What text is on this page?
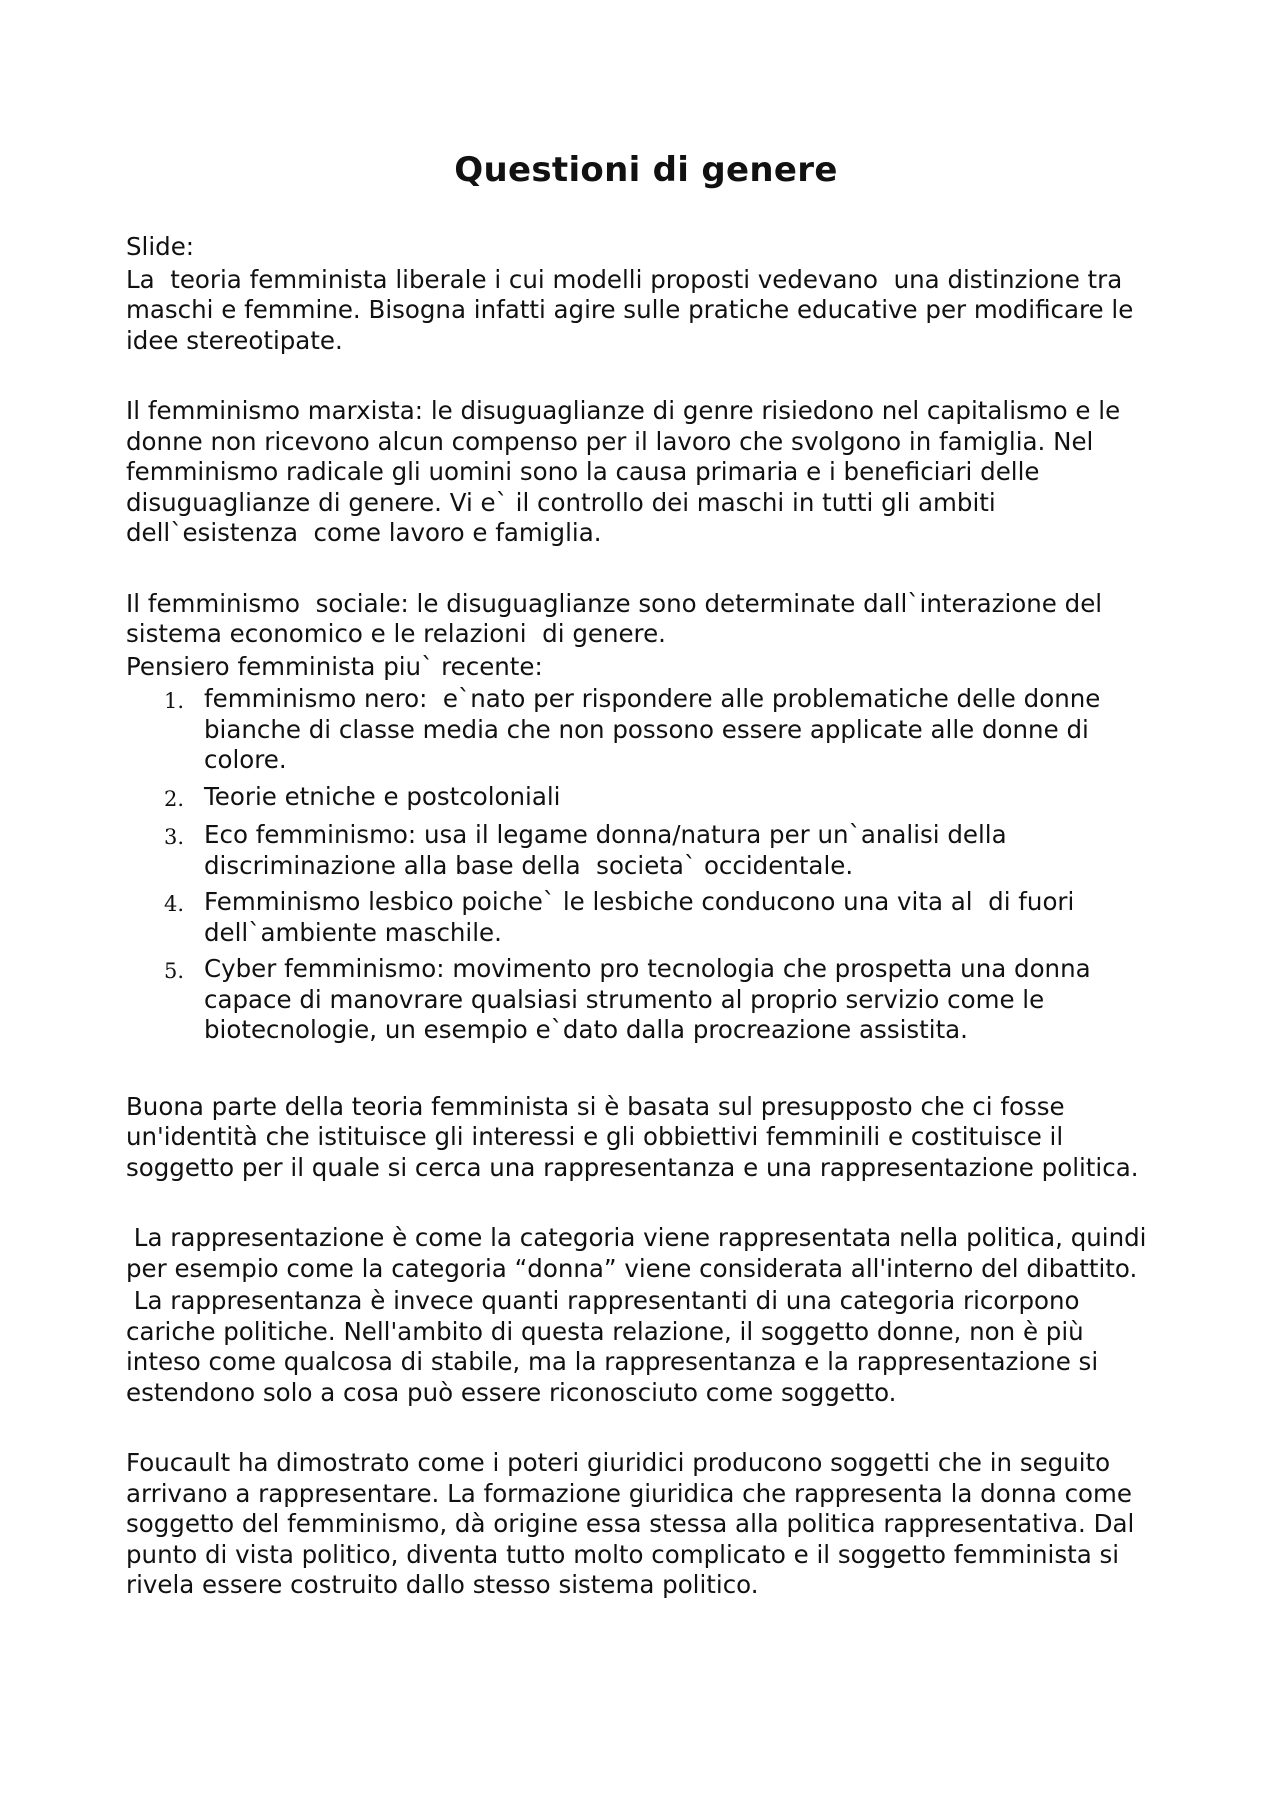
Questioni di genere

Slide:

La  teoria femminista liberale i cui modelli proposti vedevano  una distinzione tra maschi e femmine. Bisogna infatti agire sulle pratiche educative per modificare le idee stereotipate.

Il femminismo marxista: le disuguaglianze di genre risiedono nel capitalismo e le donne non ricevono alcun compenso per il lavoro che svolgono in famiglia. Nel femminismo radicale gli uomini sono la causa primaria e i beneficiari delle disuguaglianze di genere. Vi e` il controllo dei maschi in tutti gli ambiti dell`esistenza  come lavoro e famiglia.

Il femminismo  sociale: le disuguaglianze sono determinate dall`interazione del sistema economico e le relazioni  di genere.

Pensiero femminista piu` recente:

1. femminismo nero:  e`nato per rispondere alle problematiche delle donne bianche di classe media che non possono essere applicate alle donne di colore.
2. Teorie etniche e postcoloniali
3. Eco femminismo: usa il legame donna/natura per un`analisi della discriminazione alla base della  societa` occidentale.
4. Femminismo lesbico poiche` le lesbiche conducono una vita al  di fuori dell`ambiente maschile.
5. Cyber femminismo: movimento pro tecnologia che prospetta una donna capace di manovrare qualsiasi strumento al proprio servizio come le biotecnologie, un esempio e`dato dalla procreazione assistita.

Buona parte della teoria femminista si è basata sul presupposto che ci fosse un'identità che istituisce gli interessi e gli obbiettivi femminili e costituisce il soggetto per il quale si cerca una rappresentanza e una rappresentazione politica.

La rappresentazione è come la categoria viene rappresentata nella politica, quindi per esempio come la categoria “donna” viene considerata all'interno del dibattito.

La rappresentanza è invece quanti rappresentanti di una categoria ricorpono cariche politiche. Nell'ambito di questa relazione, il soggetto donne, non è più inteso come qualcosa di stabile, ma la rappresentanza e la rappresentazione si estendono solo a cosa può essere riconosciuto come soggetto.

Foucault ha dimostrato come i poteri giuridici producono soggetti che in seguito arrivano a rappresentare. La formazione giuridica che rappresenta la donna come soggetto del femminismo, dà origine essa stessa alla politica rappresentativa. Dal punto di vista politico, diventa tutto molto complicato e il soggetto femminista si rivela essere costruito dallo stesso sistema politico.
